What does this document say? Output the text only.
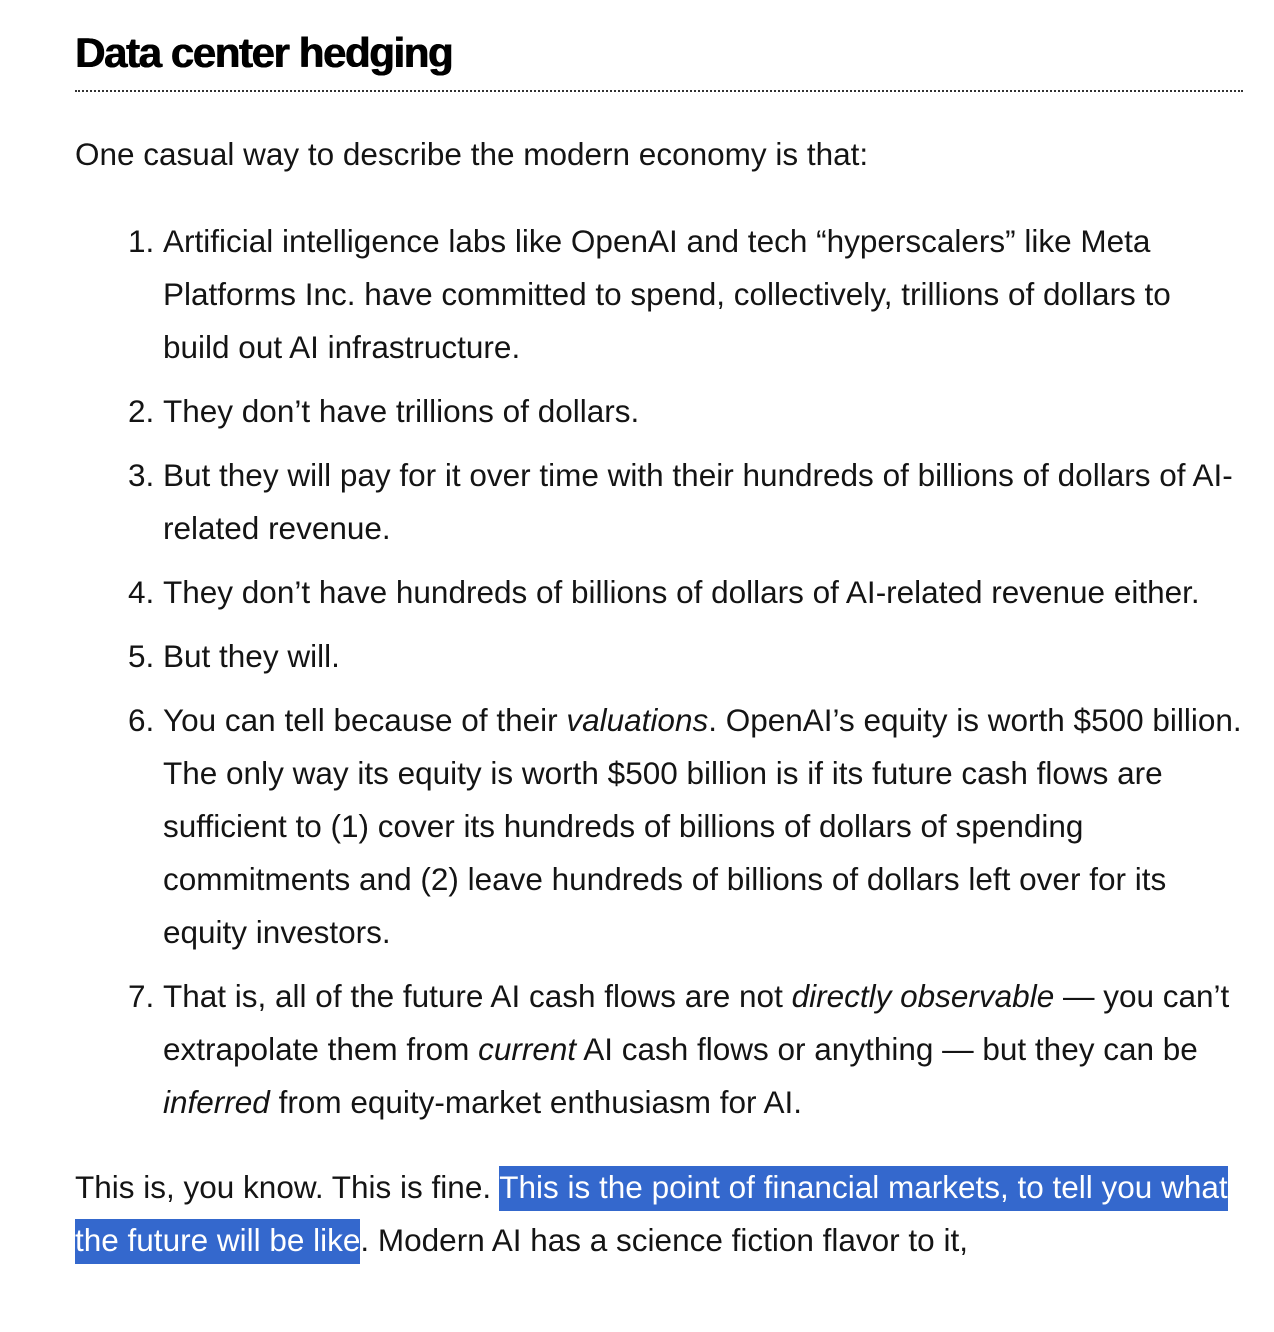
Data center hedging

One casual way to describe the modern economy is that:

1. Artificial intelligence labs like OpenAI and tech “hyperscalers” like Meta Platforms Inc. have committed to spend, collectively, trillions of dollars to build out AI infrastructure.
2. They don’t have trillions of dollars.
3. But they will pay for it over time with their hundreds of billions of dollars of AI-related revenue.
4. They don’t have hundreds of billions of dollars of AI-related revenue either.
5. But they will.
6. You can tell because of their valuations. OpenAI’s equity is worth $500 billion. The only way its equity is worth $500 billion is if its future cash flows are sufficient to (1) cover its hundreds of billions of dollars of spending commitments and (2) leave hundreds of billions of dollars left over for its equity investors.
7. That is, all of the future AI cash flows are not directly observable — you can’t extrapolate them from current AI cash flows or anything — but they can be inferred from equity-market enthusiasm for AI.

This is, you know. This is fine. This is the point of financial markets, to tell you what the future will be like. Modern AI has a science fiction flavor to it,
